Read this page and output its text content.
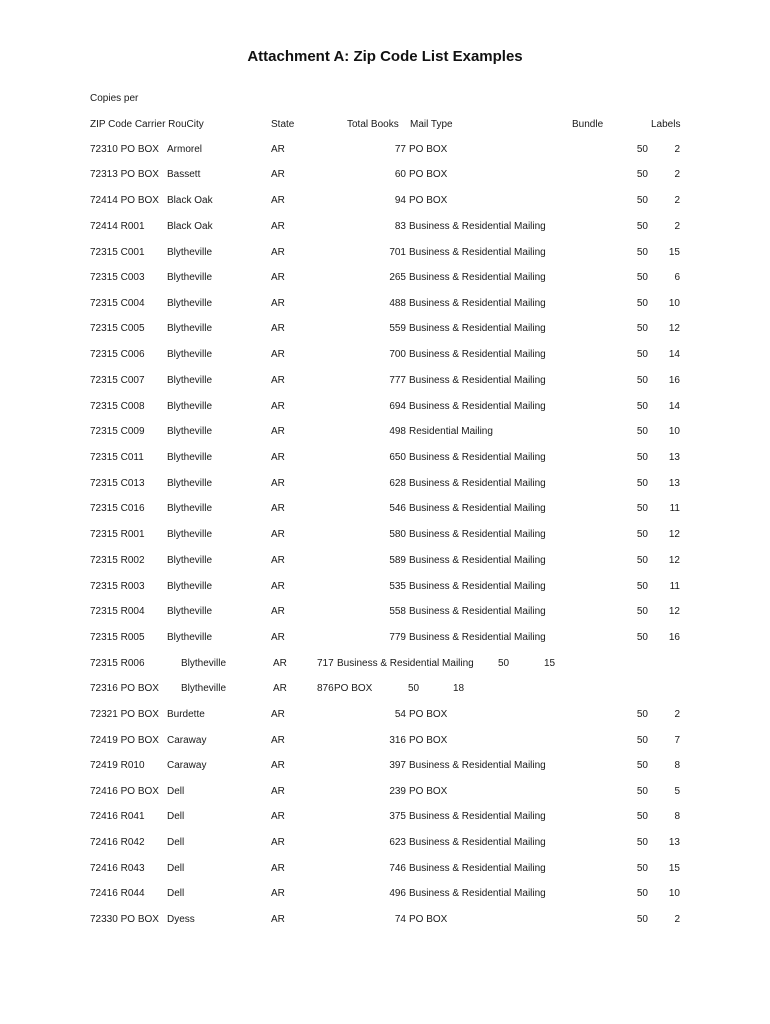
Attachment A: Zip Code List Examples
Copies per
ZIP Code Carrier RouCity	State	Total Books Mail Type	Bundle	Labels
72310 PO BOX Armorel	AR	77 PO BOX	50	2
72313 PO BOX Bassett	AR	60 PO BOX	50	2
72414 PO BOX Black Oak	AR	94 PO BOX	50	2
72414 R001 Black Oak	AR	83 Business & Residential Mailing	50	2
72315 C001 Blytheville	AR	701 Business & Residential Mailing	50 15
72315 C003 Blytheville	AR	265 Business & Residential Mailing	50	6
72315 C004 Blytheville	AR	488 Business & Residential Mailing	50 10
72315 C005 Blytheville	AR	559 Business & Residential Mailing	50 12
72315 C006 Blytheville	AR	700 Business & Residential Mailing	50 14
72315 C007 Blytheville	AR	777 Business & Residential Mailing	50 16
72315 C008 Blytheville	AR	694 Business & Residential Mailing	50 14
72315 C009 Blytheville	AR	498 Residential Mailing	50 10
72315 C011 Blytheville	AR	650 Business & Residential Mailing	50 13
72315 C013 Blytheville	AR	628 Business & Residential Mailing	50 13
72315 C016 Blytheville	AR	546 Business & Residential Mailing	50 11
72315 R001 Blytheville	AR	580 Business & Residential Mailing	50 12
72315 R002 Blytheville	AR	589 Business & Residential Mailing	50 12
72315 R003 Blytheville	AR	535 Business & Residential Mailing	50 11
72315 R004 Blytheville	AR	558 Business & Residential Mailing	50 12
72315 R005 Blytheville	AR	779 Business & Residential Mailing	50 16
72315 R006	Blytheville	AR	717 Business & Residential Mailing 50	15
72316 PO BOX Blytheville	AR	876 PO BOX	50	18
72321 PO BOX Burdette	AR	54 PO BOX	50	2
72419 PO BOX Caraway	AR	316 PO BOX	50	7
72419 R010 Caraway	AR	397 Business & Residential Mailing	50	8
72416 PO BOX Dell	AR	239 PO BOX	50	5
72416 R041 Dell	AR	375 Business & Residential Mailing	50	8
72416 R042 Dell	AR	623 Business & Residential Mailing	50 13
72416 R043 Dell	AR	746 Business & Residential Mailing	50 15
72416 R044 Dell	AR	496 Business & Residential Mailing	50 10
72330 PO BOX Dyess	AR	74 PO BOX	50	2
